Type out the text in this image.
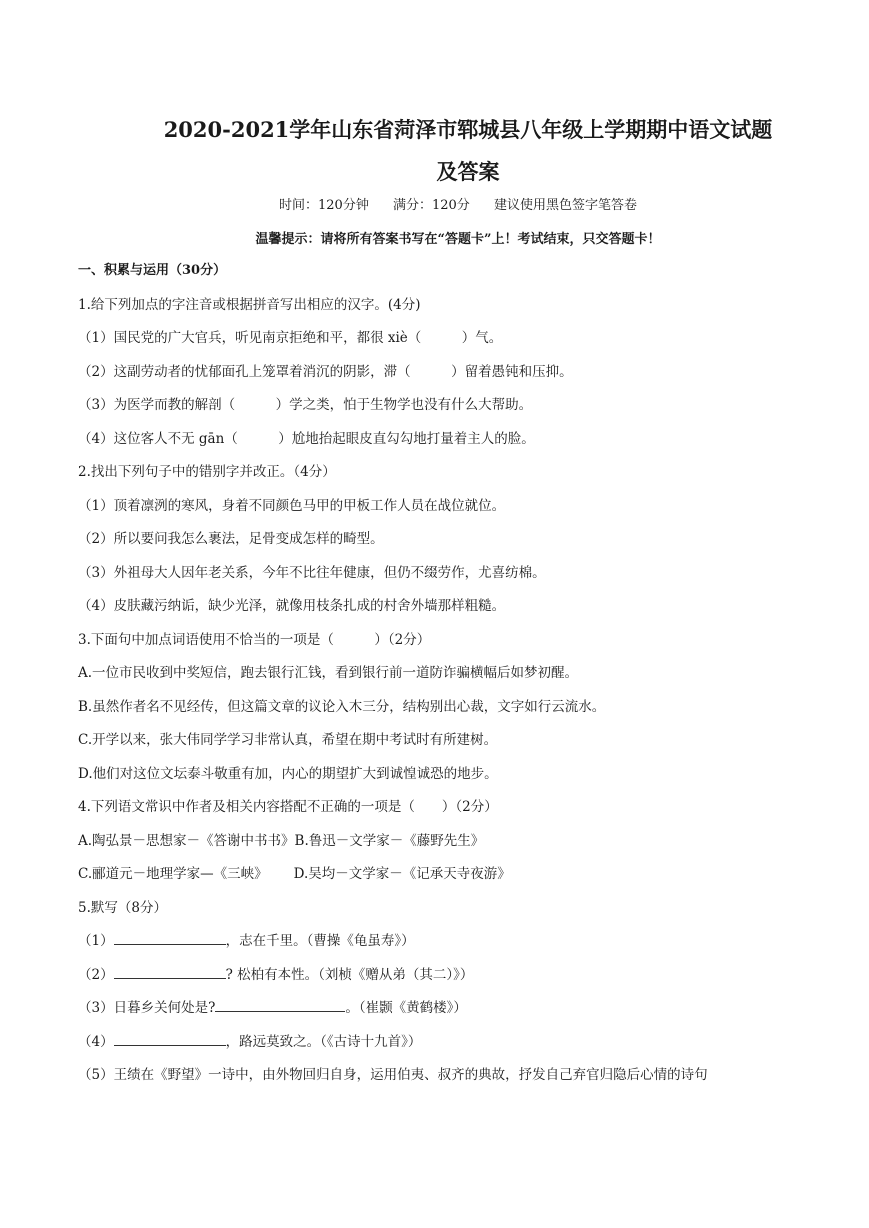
2020-2021学年山东省菏泽市郓城县八年级上学期期中语文试题
及答案
时间：120分钟 满分：120分 建议使用黑色签字笔答卷
温馨提示：请将所有答案书写在“答题卡”上！考试结束，只交答题卡！
一、积累与运用（30分）
1.给下列加点的字注音或根据拼音写出相应的汉字。(4分)
（1）国民党的广大官兵，听见南京拒绝和平，都很 xiè（　　　）气。
（2）这副劳动者的忧郁面孔上笼罩着消沉的阴影，滞（　　　）留着愚钝和压抑。
（3）为医学而教的解剖（　　　）学之类，怕于生物学也没有什么大帮助。
（4）这位客人不无 gān（　　　）尬地抬起眼皮直勾勾地打量着主人的脸。
2.找出下列句子中的错别字并改正。（4分）
（1）顶着凛洌的寒风，身着不同颜色马甲的甲板工作人员在战位就位。
（2）所以要问我怎么裹法，足骨变成怎样的畸型。
（3）外祖母大人因年老关系，今年不比往年健康，但仍不缀劳作，尤喜纺棉。
（4）皮肤藏污纳诟，缺少光泽，就像用枝条扎成的村舍外墙那样粗糙。
3.下面句中加点词语使用不恰当的一项是（　　　）（2分）
A.一位市民收到中奖短信，跑去银行汇钱，看到银行前一道防诈骗横幅后如梦初醒。
B.虽然作者名不见经传，但这篇文章的议论入木三分，结构别出心裁，文字如行云流水。
C.开学以来，张大伟同学学习非常认真，希望在期中考试时有所建树。
D.他们对这位文坛泰斗敬重有加，内心的期望扩大到诚惶诚恐的地步。
4.下列语文常识中作者及相关内容搭配不正确的一项是（　　）（2分）
A.陶弘景－思想家－《答谢中书书》B.鲁迅－文学家－《藤野先生》
C.郦道元－地理学家—《三峡》 D.吴均－文学家－《记承天寺夜游》
5.默写（8分）
（1）	，志在千里。（曹操《龟虽寿》）
（2）	? 松柏有本性。（刘桢《赠从弟（其二）》）
（3）日暮乡关何处是?	。（崔颢《黄鹤楼》）
（4）	，路远莫致之。（《古诗十九首》）
（5）王绩在《野望》一诗中，由外物回归自身，运用伯夷、叔齐的典故，抒发自己弃官归隐后心情的诗句
